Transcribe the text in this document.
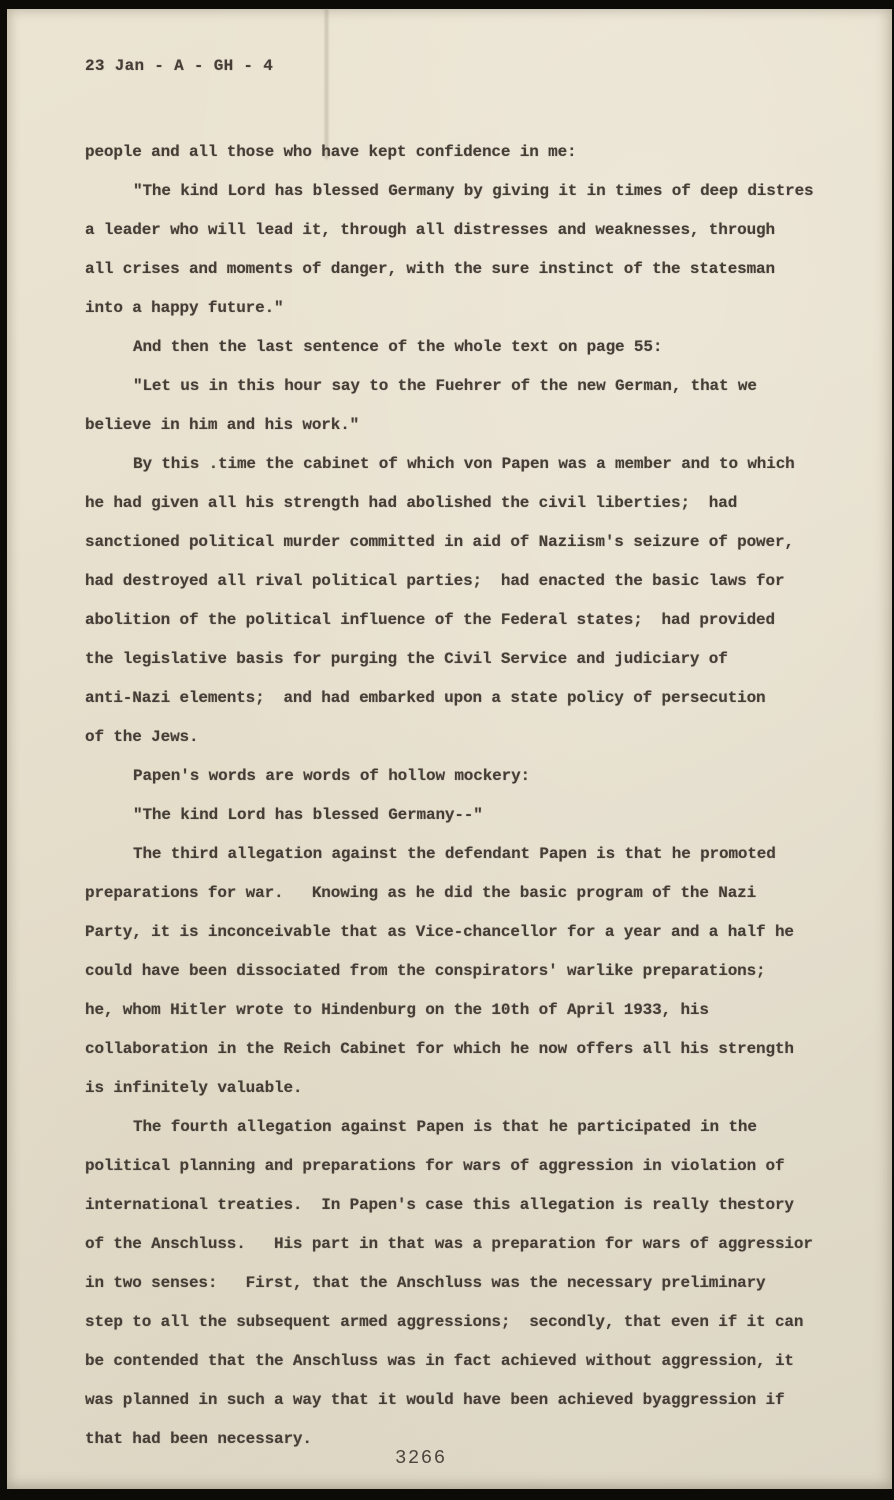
23 Jan - A - GH - 4
people and all those who have kept confidence in me:
"The kind Lord has blessed Germany by giving it in times of deep distres
a leader who will lead it, through all distresses and weaknesses, through
all crises and moments of danger, with the sure instinct of the statesman
into a happy future."
And then the last sentence of the whole text on page 55:
"Let us in this hour say to the Fuehrer of the new German, that we
believe in him and his work."
By this .time the cabinet of which von Papen was a member and to which
he had given all his strength had abolished the civil liberties;  had
sanctioned political murder committed in aid of Naziism's seizure of power,
had destroyed all rival political parties;  had enacted the basic laws for
abolition of the political influence of the Federal states;  had provided
the legislative basis for purging the Civil Service and judiciary of
anti-Nazi elements;  and had embarked upon a state policy of persecution
of the Jews.
Papen's words are words of hollow mockery:
"The kind Lord has blessed Germany--"
The third allegation against the defendant Papen is that he promoted
preparations for war.   Knowing as he did the basic program of the Nazi
Party, it is inconceivable that as Vice-chancellor for a year and a half he
could have been dissociated from the conspirators' warlike preparations;
he, whom Hitler wrote to Hindenburg on the 10th of April 1933, his
collaboration in the Reich Cabinet for which he now offers all his strength
is infinitely valuable.
The fourth allegation against Papen is that he participated in the
political planning and preparations for wars of aggression in violation of
international treaties.  In Papen's case this allegation is really thestory
of the Anschluss.   His part in that was a preparation for wars of aggressior
in two senses:   First, that the Anschluss was the necessary preliminary
step to all the subsequent armed aggressions;  secondly, that even if it can
be contended that the Anschluss was in fact achieved without aggression, it
was planned in such a way that it would have been achieved byaggression if
that had been necessary.
3266
